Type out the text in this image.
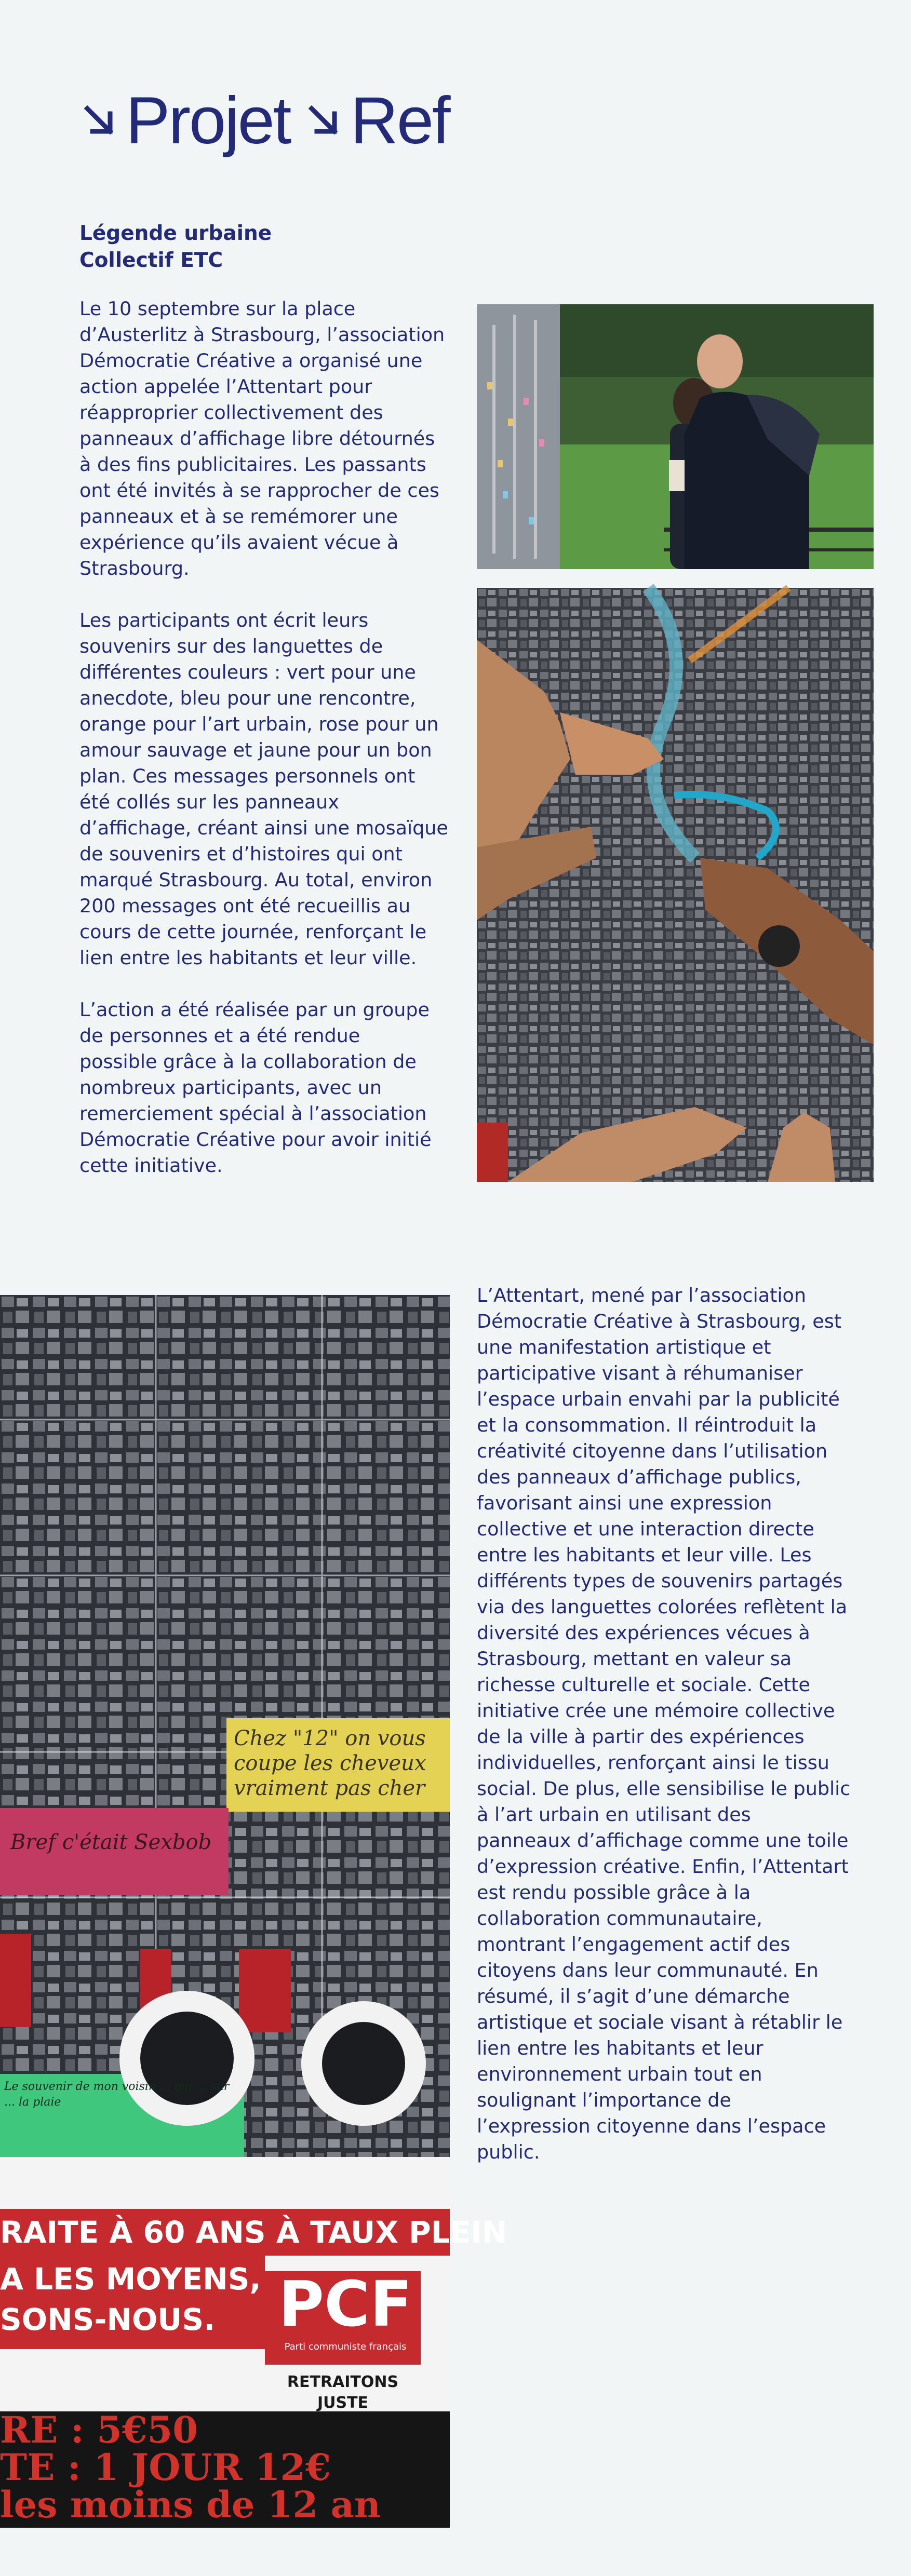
Projet Ref
Légende urbaine
Collectif ETC

Le 10 septembre sur la place d’Austerlitz à Strasbourg, l’association Démocratie Créative a organisé une action appelée l’Attentart pour réapproprier collectivement des panneaux d’affichage libre détournés à des fins publicitaires. Les passants ont été invités à se rapprocher de ces panneaux et à se remémorer une expérience qu’ils avaient vécue à Strasbourg.

Les participants ont écrit leurs souvenirs sur des languettes de différentes couleurs : vert pour une anecdote, bleu pour une rencontre, orange pour l’art urbain, rose pour un amour sauvage et jaune pour un bon plan. Ces messages personnels ont été collés sur les panneaux d’affichage, créant ainsi une mosaïque de souvenirs et d’histoires qui ont marqué Strasbourg. Au total, environ 200 messages ont été recueillis au cours de cette journée, renforçant le lien entre les habitants et leur ville.

L’action a été réalisée par un groupe de personnes et a été rendue possible grâce à la collaboration de nombreux participants, avec un remerciement spécial à l’association Démocratie Créative pour avoir initié cette initiative.

L’Attentart, mené par l’association Démocratie Créative à Strasbourg, est une manifestation artistique et participative visant à réhumaniser l’espace urbain envahi par la publicité et la consommation. Il réintroduit la créativité citoyenne dans l’utilisation des panneaux d’affichage publics, favorisant ainsi une expression collective et une interaction directe entre les habitants et leur ville. Les différents types de souvenirs partagés via des languettes colorées reflètent la diversité des expériences vécues à Strasbourg, mettant en valeur sa richesse culturelle et sociale. Cette initiative crée une mémoire collective de la ville à partir des expériences individuelles, renforçant ainsi le tissu social. De plus, elle sensibilise le public à l’art urbain en utilisant des panneaux d’affichage comme une toile d’expression créative. Enfin, l’Attentart est rendu possible grâce à la collaboration communautaire, montrant l’engagement actif des citoyens dans leur communauté. En résumé, il s’agit d’une démarche artistique et sociale visant à rétablir le lien entre les habitants et leur environnement urbain tout en soulignant l’importance de l’expression citoyenne dans l’espace public.

Chez "12" on vous coupe les cheveux vraiment pas cher
Bref c'était Sexbob
Le souvenir de mon voisin ... qui ... sur ... la plaie
RAITE À 60 ANS À TAUX PLEIN
A LES MOYENS,
SONS-NOUS.	PCF
Parti communiste français
RETRAITONS JUSTE
RE : 5€50
TE : 1 JOUR 12€
les moins de 12 an
